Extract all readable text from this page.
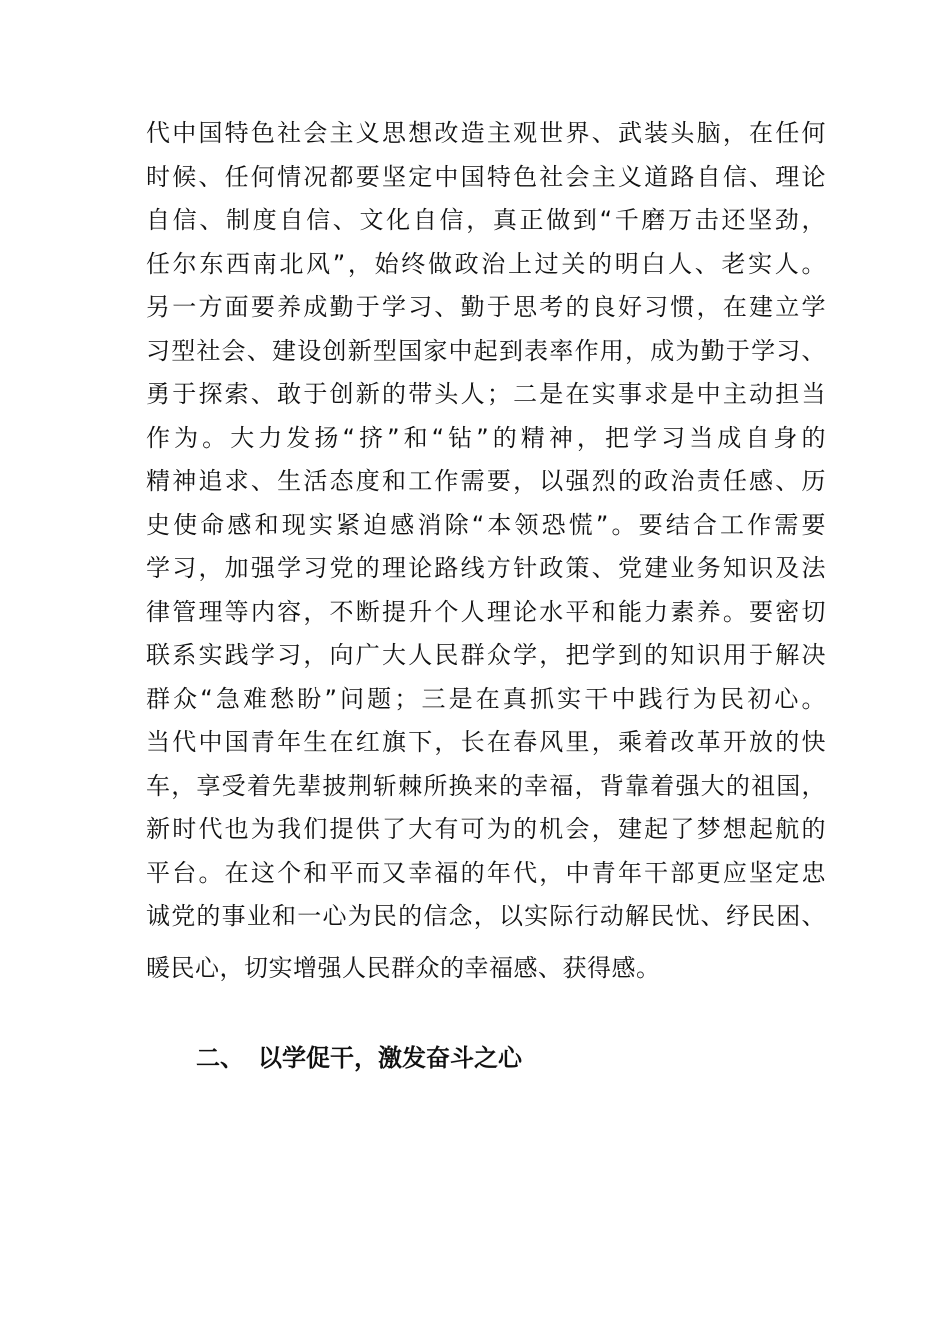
代中国特色社会主义思想改造主观世界、武装头脑，在任何
时候、任何情况都要坚定中国特色社会主义道路自信、理论
自信、制度自信、文化自信，真正做到“千磨万击还坚劲，
任尔东西南北风”，始终做政治上过关的明白人、老实人。
另一方面要养成勤于学习、勤于思考的良好习惯，在建立学
习型社会、建设创新型国家中起到表率作用，成为勤于学习、
勇于探索、敢于创新的带头人；二是在实事求是中主动担当
作为。大力发扬“挤”和“钻”的精神，把学习当成自身的
精神追求、生活态度和工作需要，以强烈的政治责任感、历
史使命感和现实紧迫感消除“本领恐慌”。要结合工作需要
学习，加强学习党的理论路线方针政策、党建业务知识及法
律管理等内容，不断提升个人理论水平和能力素养。要密切
联系实践学习，向广大人民群众学，把学到的知识用于解决
群众“急难愁盼”问题；三是在真抓实干中践行为民初心。
当代中国青年生在红旗下，长在春风里，乘着改革开放的快
车，享受着先辈披荆斩棘所换来的幸福，背靠着强大的祖国，
新时代也为我们提供了大有可为的机会，建起了梦想起航的
平台。在这个和平而又幸福的年代，中青年干部更应坚定忠
诚党的事业和一心为民的信念，以实际行动解民忧、纾民困、
暖民心，切实增强人民群众的幸福感、获得感。
二、 以学促干，激发奋斗之心
